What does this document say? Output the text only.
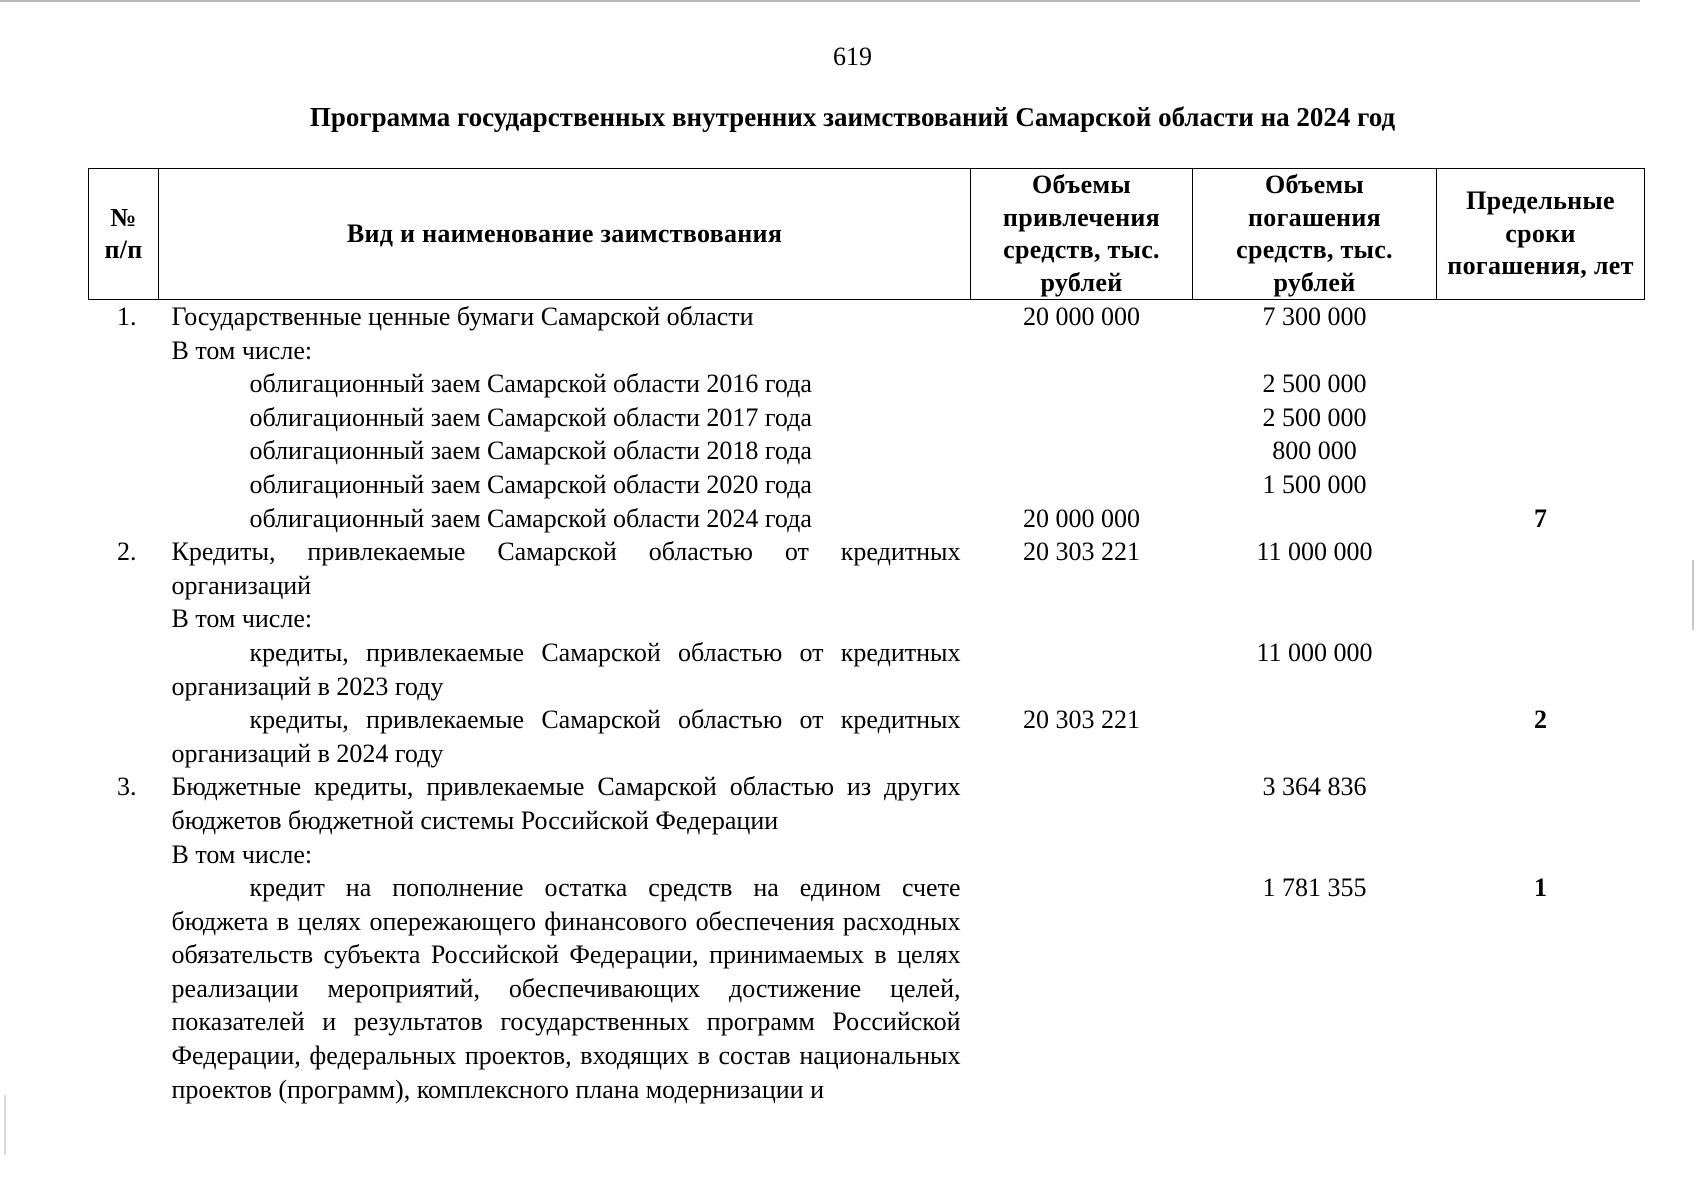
619
Программа государственных внутренних заимствований Самарской области на 2024 год
№ п/п	Вид и наименование заимствования	Объемы привлечения средств, тыс. рублей	Объемы погашения средств, тыс. рублей	Предельные сроки погашения, лет
1.	Государственные ценные бумаги Самарской области	20 000 000	7 300 000	
	В том числе:			

	облигационный заем Самарской области 2016 года		2 500 000	

	облигационный заем Самарской области 2017 года		2 500 000	

	облигационный заем Самарской области 2018 года		800 000	

	облигационный заем Самарской области 2020 года		1 500 000	

	облигационный заем Самарской области 2024 года	20 000 000		7
2.	Кредиты, привлекаемые Самарской областью от кредитных организаций	20 303 221	11 000 000	
	В том числе:			
	кредиты, привлекаемые Самарской областью от кредитных организаций в 2023 году		11 000 000	
	кредиты, привлекаемые Самарской областью от кредитных организаций в 2024 году	20 303 221		2
3.	Бюджетные кредиты, привлекаемые Самарской областью из других бюджетов бюджетной системы Российской Федерации		3 364 836	
	В том числе:			
	кредит на пополнение остатка средств на едином счете бюджета в целях опережающего финансового обеспечения расходных обязательств субъекта Российской Федерации, принимаемых в целях реализации мероприятий, обеспечивающих достижение целей, показателей и результатов государственных программ Российской Федерации, федеральных проектов, входящих в состав национальных проектов (программ), комплексного плана модернизации и		1 781 355	1
